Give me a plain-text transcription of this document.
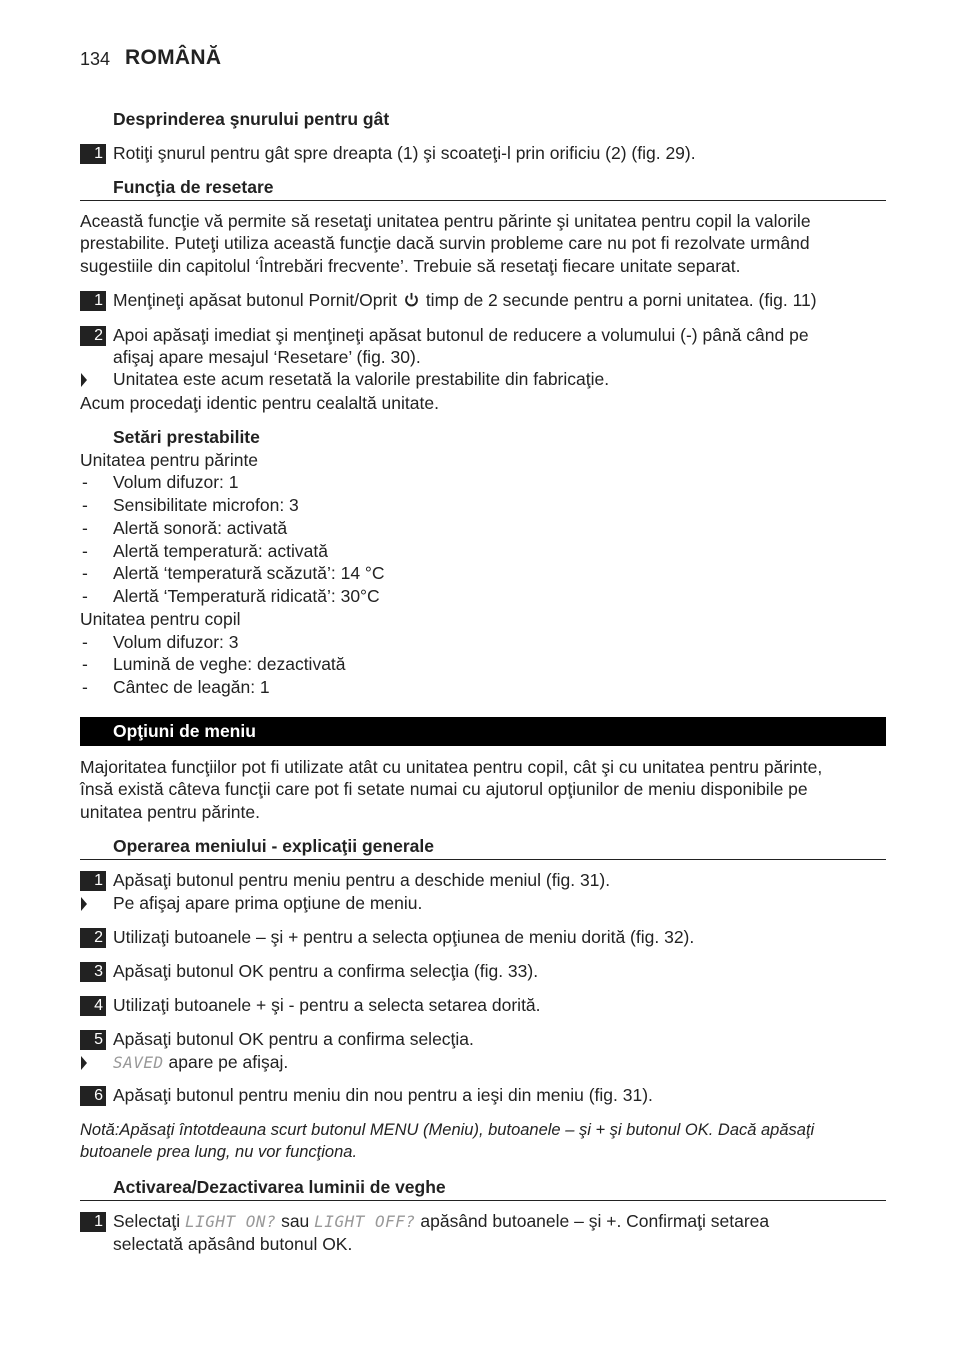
134 ROMÂNĂ
Desprinderea şnurului pentru gât
1 Rotiţi şnurul pentru gât spre dreapta (1) şi scoateţi-l prin orificiu (2) (fig. 29).
Funcţia de resetare
Această funcţie vă permite să resetaţi unitatea pentru părinte şi unitatea pentru copil la valorile
prestabilite. Puteţi utiliza această funcţie dacă survin probleme care nu pot fi rezolvate urmând
sugestiile din capitolul ‘Întrebări frecvente’. Trebuie să resetaţi fiecare unitate separat.
1 Menţineţi apăsat butonul Pornit/Oprit timp de 2 secunde pentru a porni unitatea. (fig. 11)
2 Apoi apăsaţi imediat şi menţineţi apăsat butonul de reducere a volumului (-) până când pe
afişaj apare mesajul ‘Resetare’ (fig. 30).
Unitatea este acum resetată la valorile prestabilite din fabricaţie.
Acum procedaţi identic pentru cealaltă unitate.
Setări prestabilite
Unitatea pentru părinte
- Volum difuzor: 1
- Sensibilitate microfon: 3
- Alertă sonoră: activată
- Alertă temperatură: activată
- Alertă ‘temperatură scăzută’: 14 °C
- Alertă ‘Temperatură ridicată’: 30°C
Unitatea pentru copil
- Volum difuzor: 3
- Lumină de veghe: dezactivată
- Cântec de leagăn: 1
Opţiuni de meniu
Majoritatea funcţiilor pot fi utilizate atât cu unitatea pentru copil, cât şi cu unitatea pentru părinte,
însă există câteva funcţii care pot fi setate numai cu ajutorul opţiunilor de meniu disponibile pe
unitatea pentru părinte.
Operarea meniului - explicaţii generale
1 Apăsaţi butonul pentru meniu pentru a deschide meniul (fig. 31).
Pe afişaj apare prima opţiune de meniu.
2 Utilizaţi butoanele – şi + pentru a selecta opţiunea de meniu dorită (fig. 32).
3 Apăsaţi butonul OK pentru a confirma selecţia (fig. 33).
4 Utilizaţi butoanele + şi - pentru a selecta setarea dorită.
5 Apăsaţi butonul OK pentru a confirma selecţia.
SAVED apare pe afişaj.
6 Apăsaţi butonul pentru meniu din nou pentru a ieşi din meniu (fig. 31).
Notă:Apăsaţi întotdeauna scurt butonul MENU (Meniu), butoanele – şi + şi butonul OK. Dacă apăsaţi
butoanele prea lung, nu vor funcţiona.
Activarea/Dezactivarea luminii de veghe
1 Selectaţi LIGHT ON? sau LIGHT OFF? apăsând butoanele – şi +. Confirmaţi setarea
selectată apăsând butonul OK.
